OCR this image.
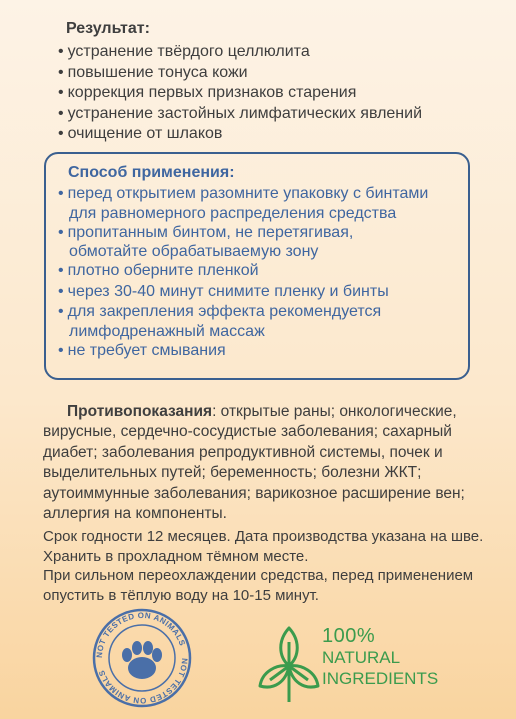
Результат:
• устранение твёрдого целлюлита
• повышение тонуса кожи
• коррекция первых признаков старения
• устранение застойных лимфатических явлений
• очищение от шлаков
Способ применения:
• перед открытием разомните упаковку с бинтами
для равномерного распределения средства
• пропитанным бинтом, не перетягивая,
обмотайте обрабатываемую зону
• плотно оберните пленкой
• через 30-40 минут снимите пленку и бинты
• для закрепления эффекта рекомендуется
лимфодренажный массаж
• не требует смывания
Противопоказания: открытые раны; онкологические,
вирусные, сердечно-сосудистые заболевания; сахарный
диабет; заболевания репродуктивной системы, почек и
выделительных путей; беременность; болезни ЖКТ;
аутоиммунные заболевания; варикозное расширение вен;
аллергия на компоненты.
Срок годности 12 месяцев. Дата производства указана на шве.
Хранить в прохладном тёмном месте.
При сильном переохлаждении средства, перед применением
опустить в тёплую воду на 10-15 минут.
NOT TESTED ON ANIMALS
NOT TESTED ON ANIMALS
100%
NATURAL
INGREDIENTS
